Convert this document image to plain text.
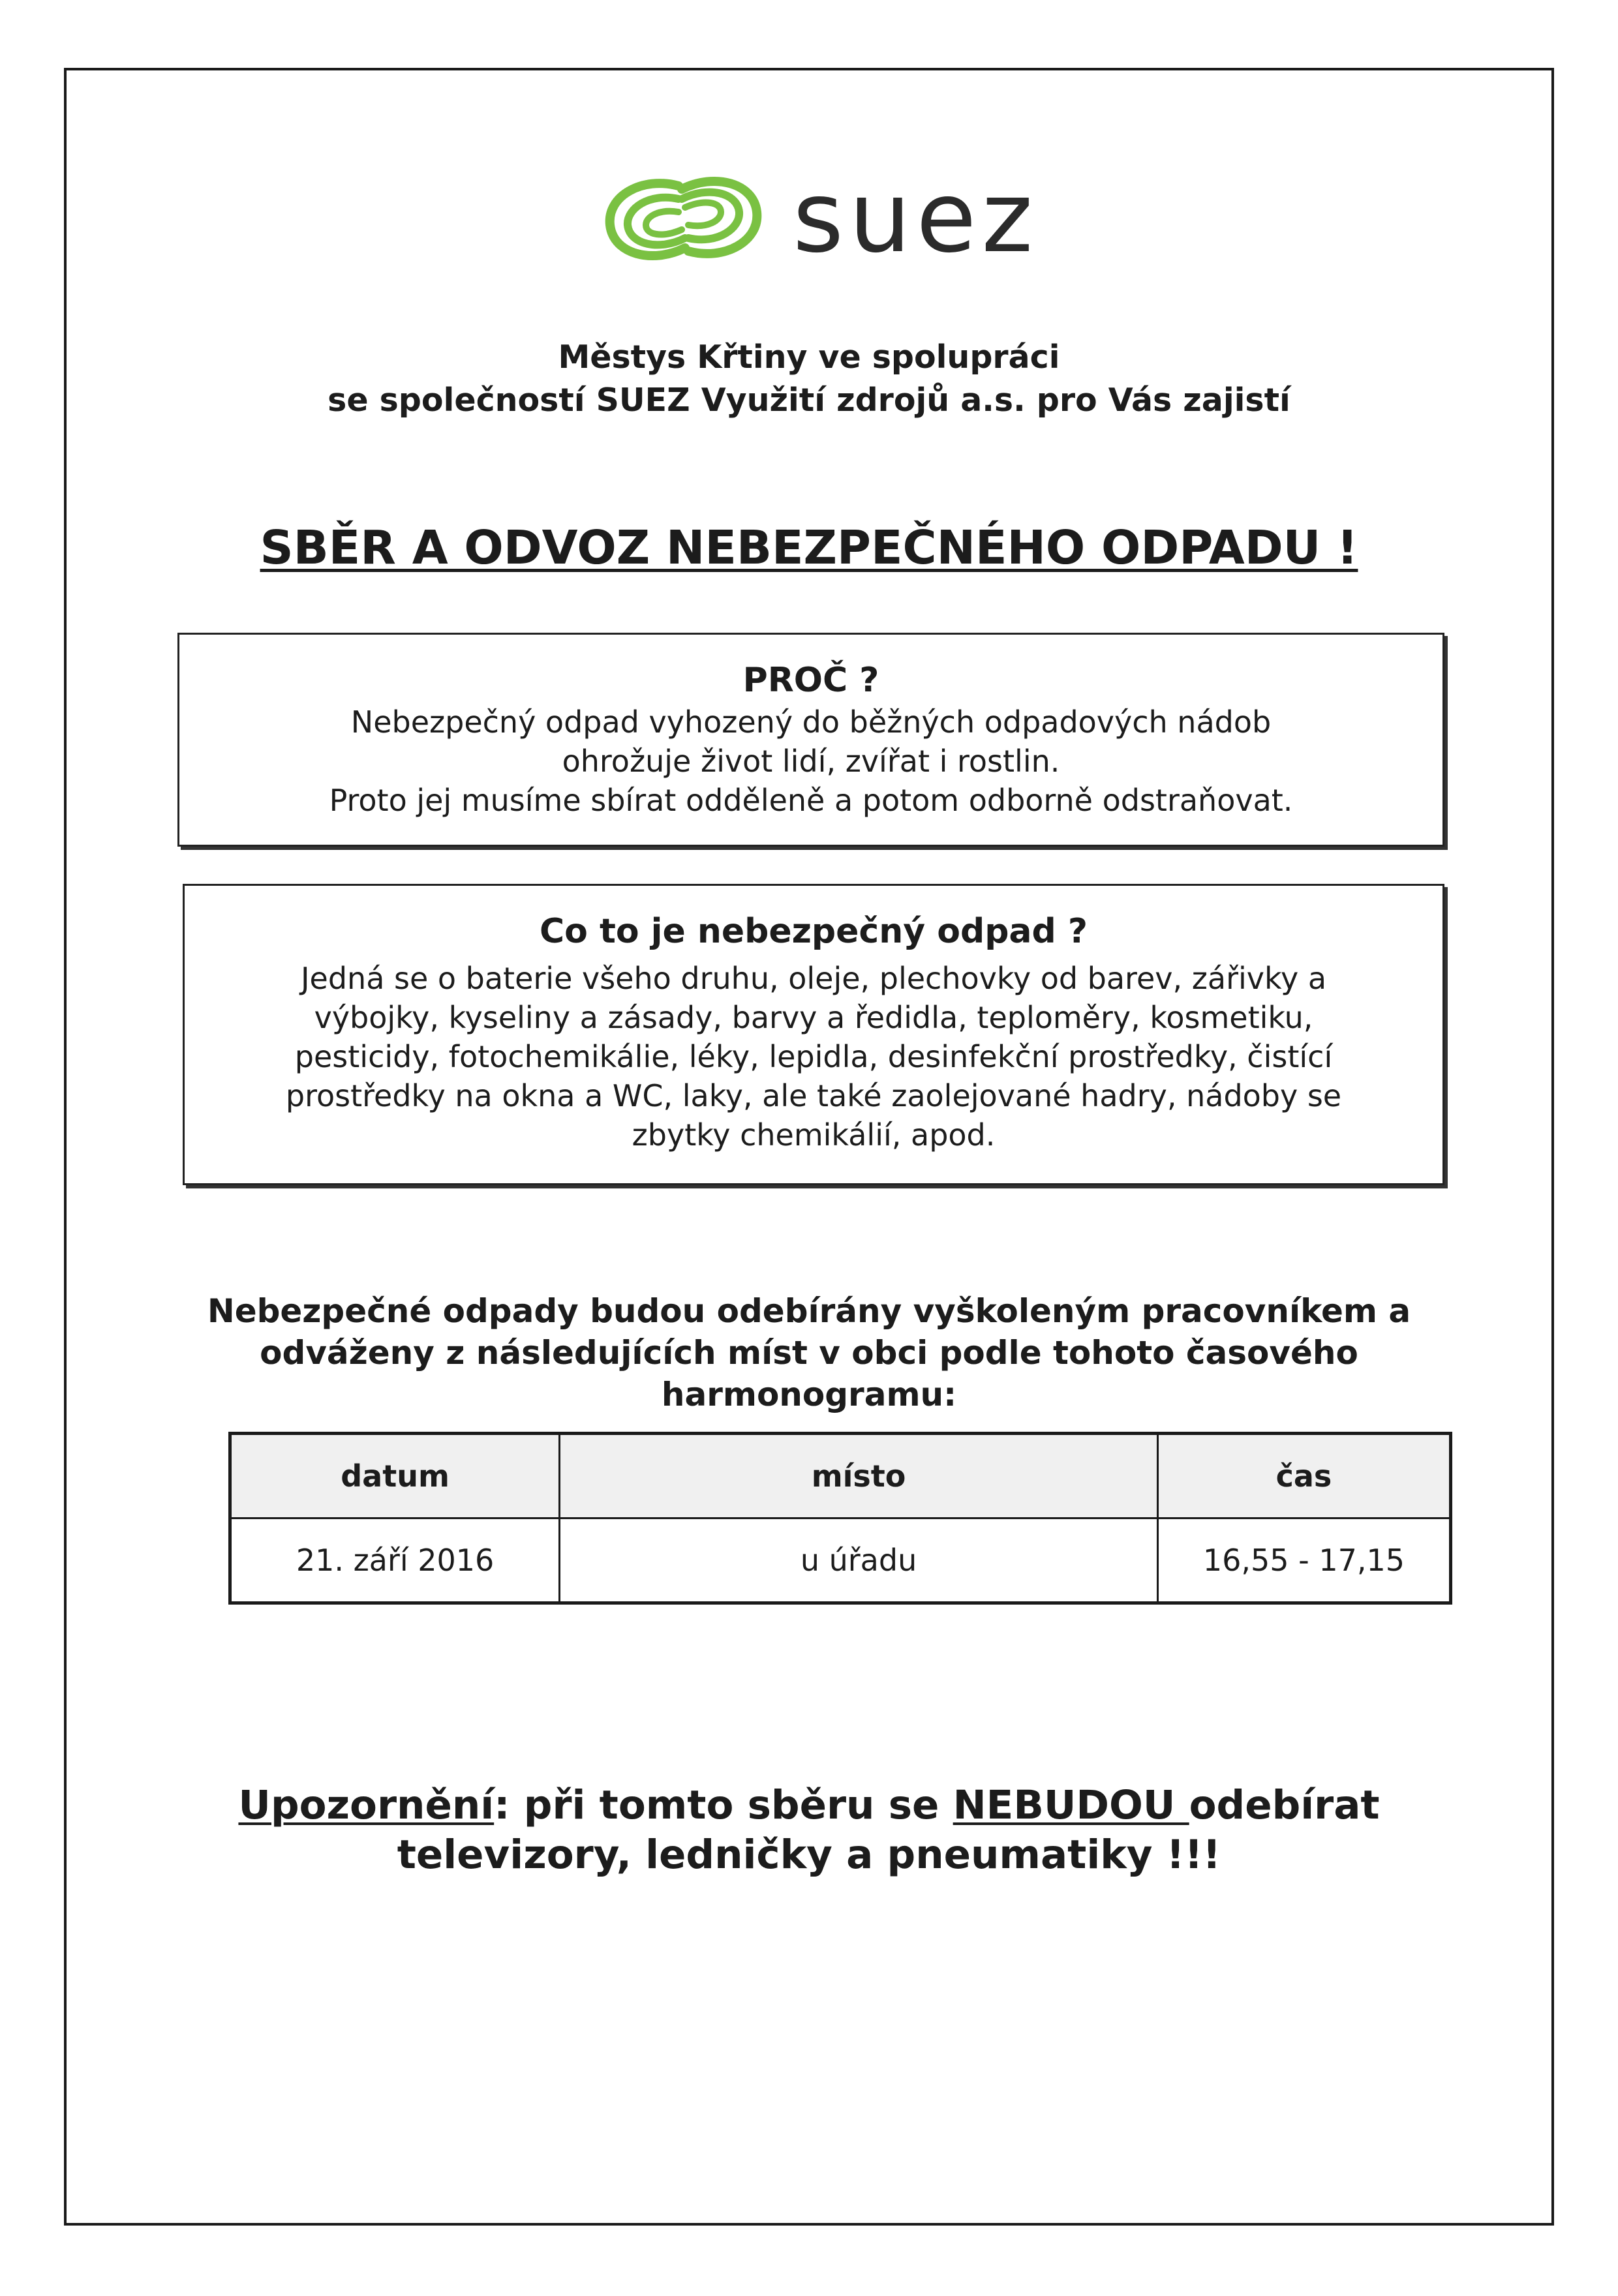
suez
Městys Křtiny ve spolupráci
se společností SUEZ Využití zdrojů a.s. pro Vás zajistí
SBĚR A ODVOZ NEBEZPEČNÉHO ODPADU !
PROČ ?
Nebezpečný odpad vyhozený do běžných odpadových nádob
ohrožuje život lidí, zvířat i rostlin.
Proto jej musíme sbírat odděleně a potom odborně odstraňovat.
Co to je nebezpečný odpad ?
Jedná se o baterie všeho druhu, oleje, plechovky od barev, zářivky a
výbojky, kyseliny a zásady, barvy a ředidla, teploměry, kosmetiku,
pesticidy, fotochemikálie, léky, lepidla, desinfekční prostředky, čistící
prostředky na okna a WC, laky, ale také zaolejované hadry, nádoby se
zbytky chemikálií, apod.
Nebezpečné odpady budou odebírány vyškoleným pracovníkem a
odváženy z následujících míst v obci podle tohoto časového
harmonogramu:
datum	místo	čas
21. září 2016	u úřadu	16,55 - 17,15
Upozornění: při tomto sběru se NEBUDOU odebírat
televizory, ledničky a pneumatiky !!!
